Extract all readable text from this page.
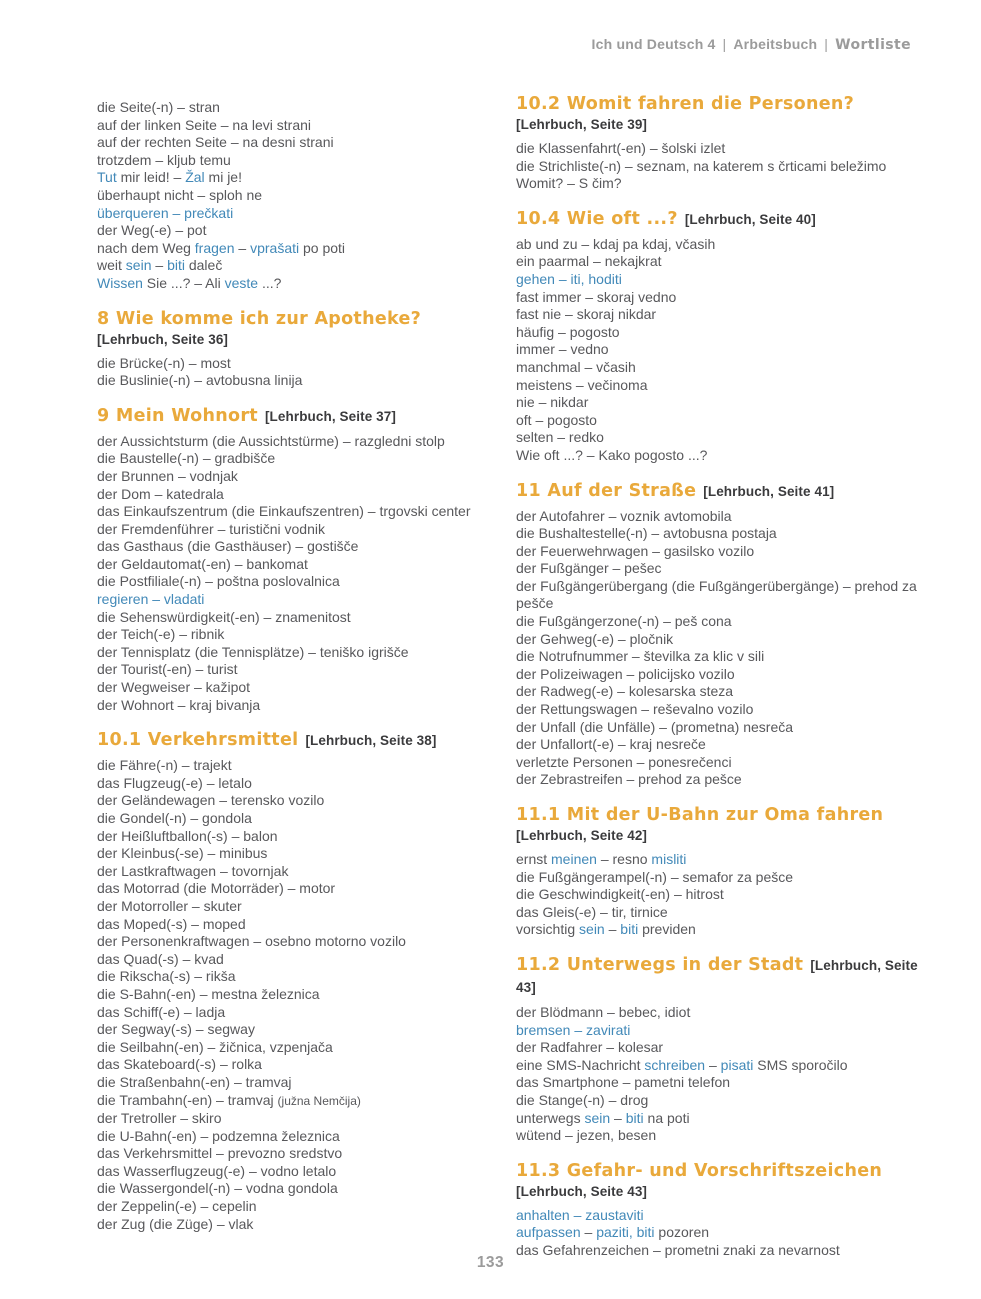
Ich und Deutsch 4 | Arbeitsbuch | Wortliste

die Seite(-n) – stran

auf der linken Seite – na levi strani

auf der rechten Seite – na desni strani

trotzdem – kljub temu

Tut mir leid! – Žal mi je!

überhaupt nicht – sploh ne

überqueren – prečkati

der Weg(-e) – pot

nach dem Weg fragen – vprašati po poti

weit sein – biti daleč

Wissen Sie ...? – Ali veste ...?

8 Wie komme ich zur Apotheke?
[Lehrbuch, Seite 36]

die Brücke(-n) – most

die Buslinie(-n) – avtobusna linija

9 Mein Wohnort [Lehrbuch, Seite 37]

der Aussichtsturm (die Aussichtstürme) – razgledni stolp

die Baustelle(-n) – gradbišče

der Brunnen – vodnjak

der Dom – katedrala

das Einkaufszentrum (die Einkaufszentren) – trgovski center

der Fremdenführer – turistični vodnik

das Gasthaus (die Gasthäuser) – gostišče

der Geldautomat(-en) – bankomat

die Postfiliale(-n) – poštna poslovalnica

regieren – vladati

die Sehenswürdigkeit(-en) – znamenitost

der Teich(-e) – ribnik

der Tennisplatz (die Tennisplätze) – teniško igrišče

der Tourist(-en) – turist

der Wegweiser – kažipot

der Wohnort – kraj bivanja

10.1 Verkehrsmittel [Lehrbuch, Seite 38]

die Fähre(-n) – trajekt

das Flugzeug(-e) – letalo

der Geländewagen – terensko vozilo

die Gondel(-n) – gondola

der Heißluftballon(-s) – balon

der Kleinbus(-se) – minibus

der Lastkraftwagen – tovornjak

das Motorrad (die Motorräder) – motor

der Motorroller – skuter

das Moped(-s) – moped

der Personenkraftwagen – osebno motorno vozilo

das Quad(-s) – kvad

die Rikscha(-s) – rikša

die S-Bahn(-en) – mestna železnica

das Schiff(-e) – ladja

der Segway(-s) – segway

die Seilbahn(-en) – žičnica, vzpenjača

das Skateboard(-s) – rolka

die Straßenbahn(-en) – tramvaj

die Trambahn(-en) – tramvaj (južna Nemčija)

der Tretroller – skiro

die U-Bahn(-en) – podzemna železnica

das Verkehrsmittel – prevozno sredstvo

das Wasserflugzeug(-e) – vodno letalo

die Wassergondel(-n) – vodna gondola

der Zeppelin(-e) – cepelin

der Zug (die Züge) – vlak

10.2 Womit fahren die Personen?
[Lehrbuch, Seite 39]

die Klassenfahrt(-en) – šolski izlet

die Strichliste(-n) – seznam, na katerem s črticami beležimo

Womit? – S čim?

10.4 Wie oft ...? [Lehrbuch, Seite 40]

ab und zu – kdaj pa kdaj, včasih

ein paarmal – nekajkrat

gehen – iti, hoditi

fast immer – skoraj vedno

fast nie – skoraj nikdar

häufig – pogosto

immer – vedno

manchmal – včasih

meistens – večinoma

nie – nikdar

oft – pogosto

selten – redko

Wie oft ...? – Kako pogosto ...?

11 Auf der Straße [Lehrbuch, Seite 41]

der Autofahrer – voznik avtomobila

die Bushaltestelle(-n) – avtobusna postaja

der Feuerwehrwagen – gasilsko vozilo

der Fußgänger – pešec

der Fußgängerübergang (die Fußgängerübergänge) – prehod za pešče

die Fußgängerzone(-n) – peš cona

der Gehweg(-e) – pločnik

die Notrufnummer – številka za klic v sili

der Polizeiwagen – policijsko vozilo

der Radweg(-e) – kolesarska steza

der Rettungswagen – reševalno vozilo

der Unfall (die Unfälle) – (prometna) nesreča

der Unfallort(-e) – kraj nesreče

verletzte Personen – ponesrečenci

der Zebrastreifen – prehod za pešce

11.1 Mit der U-Bahn zur Oma fahren
[Lehrbuch, Seite 42]

ernst meinen – resno misliti

die Fußgängerampel(-n) – semafor za pešce

die Geschwindigkeit(-en) – hitrost

das Gleis(-e) – tir, tirnice

vorsichtig sein – biti previden

11.2 Unterwegs in der Stadt [Lehrbuch, Seite 43]

der Blödmann – bebec, idiot

bremsen – zavirati

der Radfahrer – kolesar

eine SMS-Nachricht schreiben – pisati SMS sporočilo

das Smartphone – pametni telefon

die Stange(-n) – drog

unterwegs sein – biti na poti

wütend – jezen, besen

11.3 Gefahr- und Vorschriftszeichen
[Lehrbuch, Seite 43]

anhalten – zaustaviti

aufpassen – paziti, biti pozoren

das Gefahrenzeichen – prometni znaki za nevarnost

133
